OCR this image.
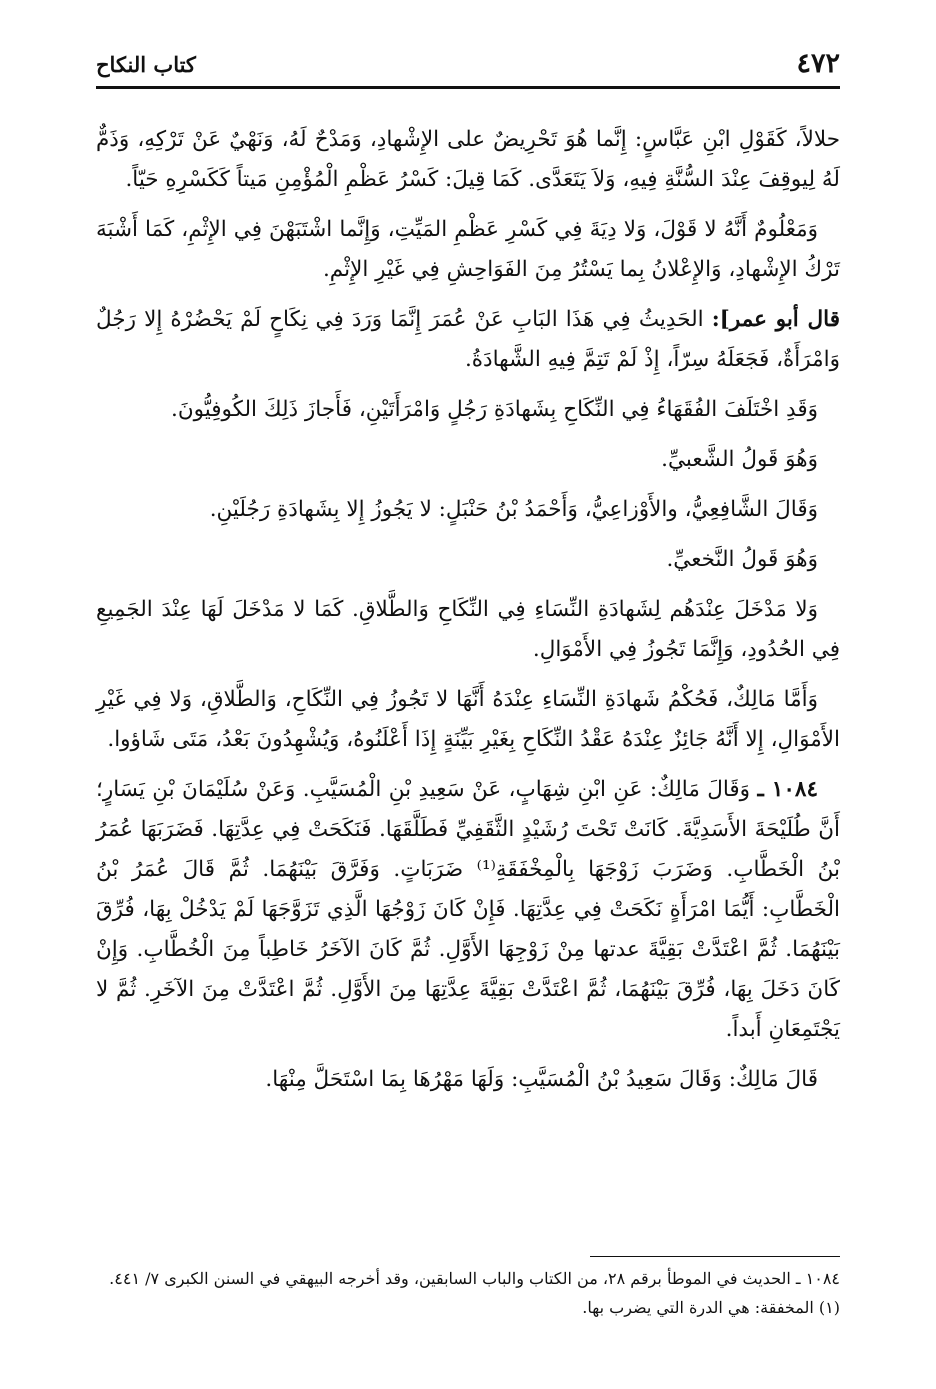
٤٧٢
كتاب النكاح

حلالاً، كَقَوْلِ ابْنِ عَبَّاسٍ: إِنَّما هُوَ تَحْرِيضٌ على الإِشْهادِ، وَمَدْحٌ لَهُ، وَنَهْيٌ عَنْ تَرْكِهِ، وَذَمٌّ لَهُ لِيوقِفَ عِنْدَ السُّنَّةِ فِيهِ، وَلاَ يَتَعَدَّى. كَمَا قِيلَ: كَسْرُ عَظْمِ الْمُؤْمِنِ مَيتاً كَكَسْرِهِ حَيّاً.

وَمَعْلُومٌ أَنَّهُ لا قَوْلَ، وَلا دِيَةَ فِي كَسْرِ عَظْمِ المَيِّتِ، وَإِنَّما اشْتَبَهْنَ فِي الإِثْمِ، كَمَا أَشْبَهَ تَرْكُ الإِشْهادِ، وَالإِعْلانُ بِما يَسْتُرُ مِنَ الفَوَاحِشِ فِي غَيْرِ الإِثْمِ.

قال أبو عمر]: الحَدِيثُ فِي هَذَا البَابِ عَنْ عُمَرَ إِنَّمَا وَرَدَ فِي نِكَاحٍ لَمْ يَحْضُرْهُ إِلا رَجُلٌ وَامْرَأَةٌ، فَجَعَلَهُ سِرّاً، إِذْ لَمْ تَتِمَّ فِيهِ الشَّهادَةُ.

وَقَدِ اخْتَلَفَ الفُقَهَاءُ فِي النِّكَاحِ بِشَهادَةِ رَجُلٍ وَامْرَأَتَيْنِ، فَأَجازَ ذَلِكَ الكُوفِيُّونَ.

وَهُوَ قَولُ الشَّعبيِّ.

وَقَالَ الشَّافِعِيُّ، والأَوْزاعِيُّ، وَأَحْمَدُ بْنُ حَنْبَلٍ: لا يَجُوزُ إِلا بِشَهادَةِ رَجُلَيْنِ.

وَهُوَ قَولُ النَّخعيِّ.

وَلا مَدْخَلَ عِنْدَهُم لِشَهادَةِ النِّسَاءِ فِي النِّكَاحِ وَالطَّلاقِ. كَمَا لا مَدْخَلَ لَهَا عِنْدَ الجَمِيعِ فِي الحُدُودِ، وَإِنَّمَا تَجُوزُ فِي الأَمْوَالِ.

وَأَمَّا مَالِكٌ، فَحُكْمُ شَهادَةِ النِّسَاءِ عِنْدَهُ أَنَّهَا لا تَجُوزُ فِي النِّكَاحِ، وَالطَّلاقِ، وَلا فِي غَيْرِ الأَمْوَالِ، إِلا أَنَّهُ جَائِزٌ عِنْدَهُ عَقْدُ النِّكَاحِ بِغَيْرِ بَيِّنَةٍ إِذَا أَعْلَنُوهُ، وَيُشْهِدُونَ بَعْدُ، مَتَى شَاؤوا.

١٠٨٤ ـ وَقَالَ مَالِكٌ: عَنِ ابْنِ شِهَابٍ، عَنْ سَعِيدِ بْنِ الْمُسَيَّبِ. وَعَنْ سُلَيْمَانَ بْنِ يَسَارٍ؛ أَنَّ طُلَيْحَةَ الأَسَدِيَّةَ. كَانَتْ تَحْتَ رُشَيْدٍ الثَّقَفِيِّ فَطَلَّقَهَا. فَنَكَحَتْ فِي عِدَّتِهَا. فَضَرَبَهَا عُمَرُ بْنُ الْخَطَّابِ. وَضَرَبَ زَوْجَهَا بِالْمِخْفَقَةِ⁽¹⁾ ضَرَبَاتٍ. وَفَرَّقَ بَيْنَهُمَا. ثُمَّ قَالَ عُمَرُ بْنُ الْخَطَّابِ: أَيُّمَا امْرَأَةٍ نَكَحَتْ فِي عِدَّتِهَا. فَإِنْ كَانَ زَوْجُهَا الَّذِي تَزَوَّجَهَا لَمْ يَدْخُلْ بِهَا، فُرِّقَ بَيْنَهُمَا. ثُمَّ اعْتَدَّتْ بَقِيَّةَ عدتها مِنْ زَوْجِهَا الأَوَّلِ. ثُمَّ كَانَ الآخَرُ خَاطِباً مِنَ الْخُطَّابِ. وَإِنْ كَانَ دَخَلَ بِهَا، فُرِّقَ بَيْنَهُمَا، ثُمَّ اعْتَدَّتْ بَقِيَّةَ عِدَّتِهَا مِنَ الأَوَّلِ. ثُمَّ اعْتَدَّتْ مِنَ الآخَرِ. ثُمَّ لا يَجْتَمِعَانِ أَبداً.

قَالَ مَالِكٌ: وَقَالَ سَعِيدُ بْنُ الْمُسَيَّبِ: وَلَهَا مَهْرُهَا بِمَا اسْتَحَلَّ مِنْهَا.

١٠٨٤ ـ الحديث في الموطأ برقم ٢٨، من الكتاب والباب السابقين، وقد أخرجه البيهقي في السنن الكبرى ٧/ ٤٤١.

(١) المخفقة: هي الدرة التي يضرب بها.
